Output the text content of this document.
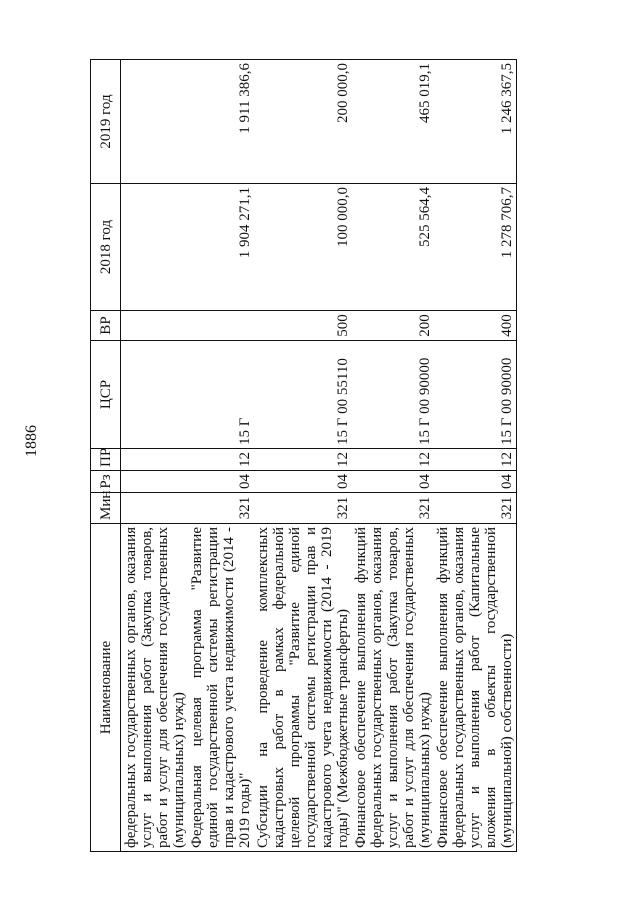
1886
Наименование	Мин	Рз	ПР	ЦСР	ВР	2018 год	2019 год
федеральных государственных органов, оказания услуг и выполнения работ (Закупка товаров, работ и услуг для обеспечения государственных (муниципальных) нужд)							
Федеральная целевая программа "Развитие единой государственной системы регистрации прав и кадастрового учета недвижимости (2014 - 2019 годы)"	321	04	12	15 Г		1 904 271,1	1 911 386,6
Субсидии на проведение комплексных кадастровых работ в рамках федеральной целевой программы "Развитие единой государственной системы регистрации прав и кадастрового учета недвижимости (2014 - 2019 годы)" (Межбюджетные трансферты)	321	04	12	15 Г 00 55110	500	100 000,0	200 000,0
Финансовое обеспечение выполнения функций федеральных государственных органов, оказания услуг и выполнения работ (Закупка товаров, работ и услуг для обеспечения государственных (муниципальных) нужд)	321	04	12	15 Г 00 90000	200	525 564,4	465 019,1
Финансовое обеспечение выполнения функций федеральных государственных органов, оказания услуг и выполнения работ (Капитальные вложения в объекты государственной (муниципальной) собственности)	321	04	12	15 Г 00 90000	400	1 278 706,7	1 246 367,5
